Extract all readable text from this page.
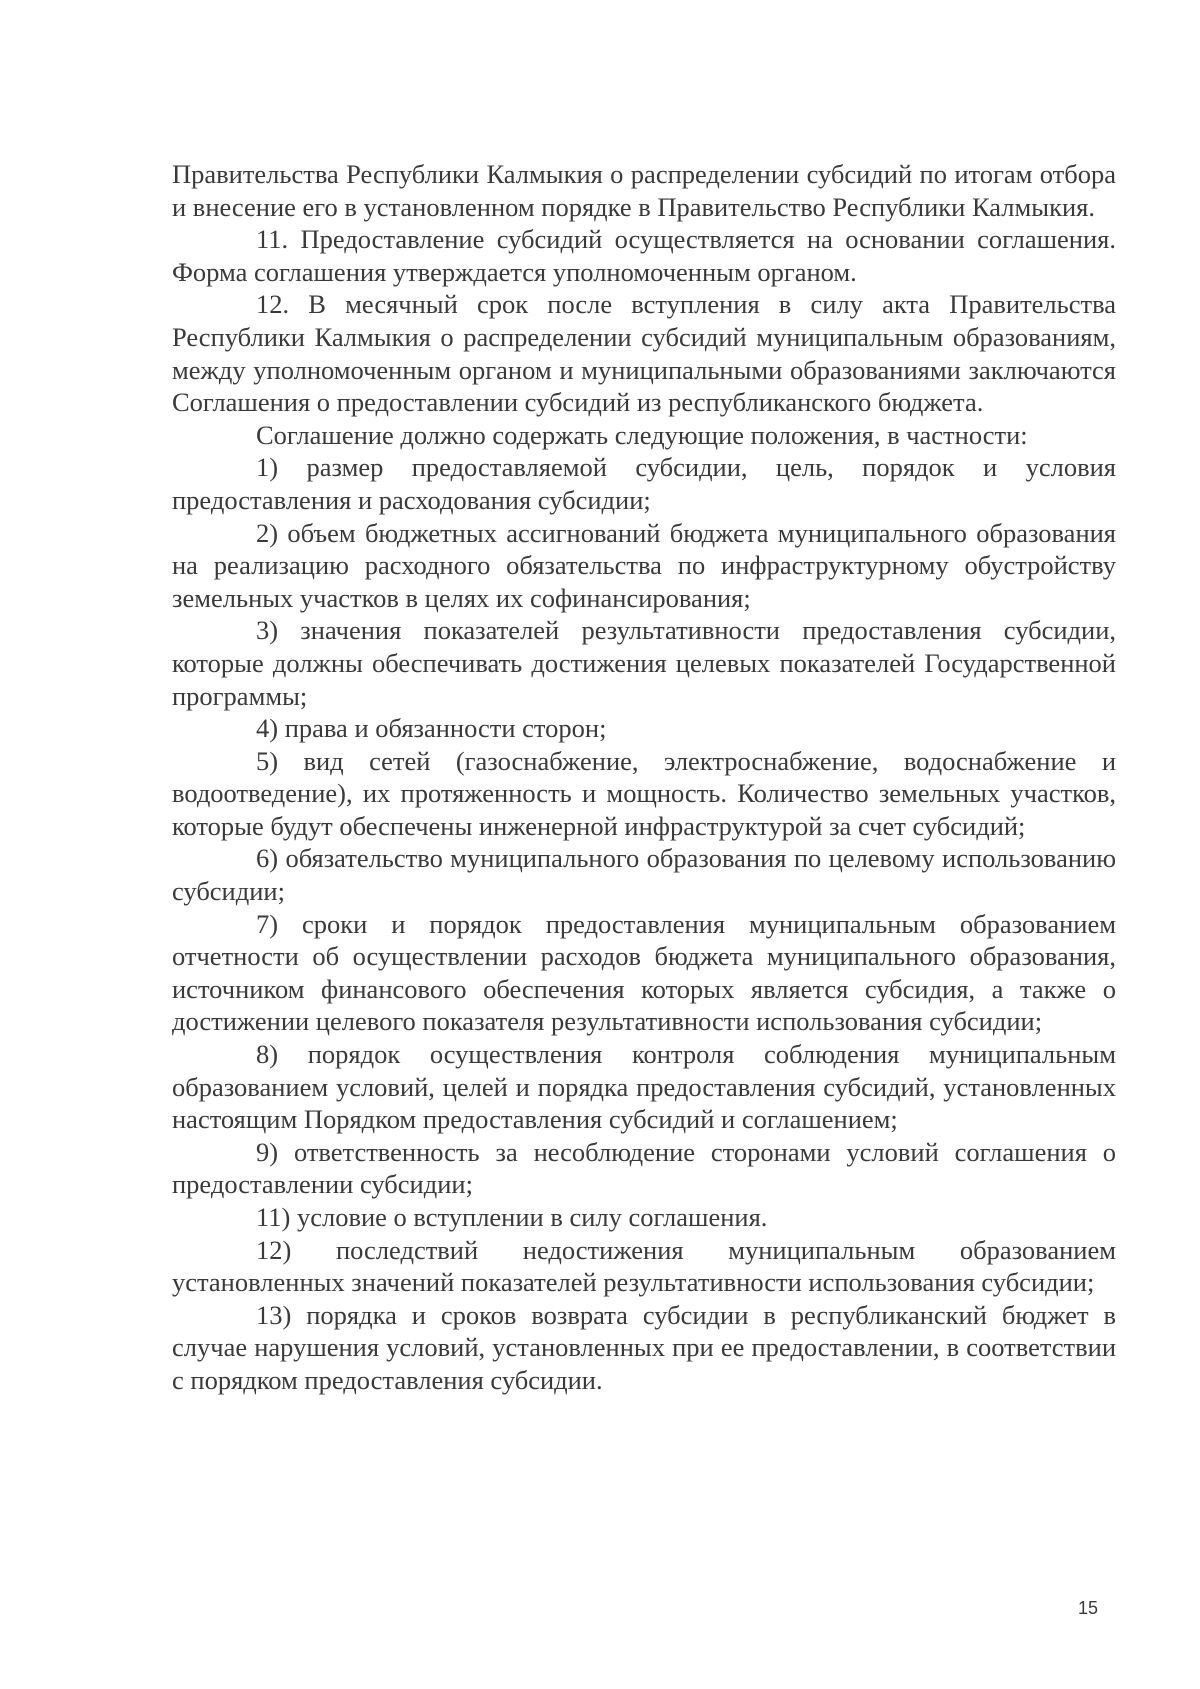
Правительства Республики Калмыкия о распределении субсидий по итогам отбора и внесение его в установленном порядке в Правительство Республики Калмыкия.

11. Предоставление субсидий осуществляется на основании соглашения. Форма соглашения утверждается уполномоченным органом.

12. В месячный срок после вступления в силу акта Правительства Республики Калмыкия о распределении субсидий муниципальным образованиям, между уполномоченным органом и муниципальными образованиями заключаются Соглашения о предоставлении субсидий из республиканского бюджета.

Соглашение должно содержать следующие положения, в частности:

1) размер предоставляемой субсидии, цель, порядок и условия предоставления и расходования субсидии;

2) объем бюджетных ассигнований бюджета муниципального образования на реализацию расходного обязательства по инфраструктурному обустройству земельных участков в целях их софинансирования;

3) значения показателей результативности предоставления субсидии, которые должны обеспечивать достижения целевых показателей Государственной программы;

4) права и обязанности сторон;

5) вид сетей (газоснабжение, электроснабжение, водоснабжение и водоотведение), их протяженность и мощность. Количество земельных участков, которые будут обеспечены инженерной инфраструктурой за счет субсидий;

6) обязательство муниципального образования по целевому использованию субсидии;

7) сроки и порядок предоставления муниципальным образованием отчетности об осуществлении расходов бюджета муниципального образования, источником финансового обеспечения которых является субсидия, а также о достижении целевого показателя результативности использования субсидии;

8) порядок осуществления контроля соблюдения муниципальным образованием условий, целей и порядка предоставления субсидий, установленных настоящим Порядком предоставления субсидий и соглашением;

9) ответственность за несоблюдение сторонами условий соглашения о предоставлении субсидии;

11) условие о вступлении в силу соглашения.

12) последствий недостижения муниципальным образованием установленных значений показателей результативности использования субсидии;

13) порядка и сроков возврата субсидии в республиканский бюджет в случае нарушения условий, установленных при ее предоставлении, в соответствии с порядком предоставления субсидии.

15
